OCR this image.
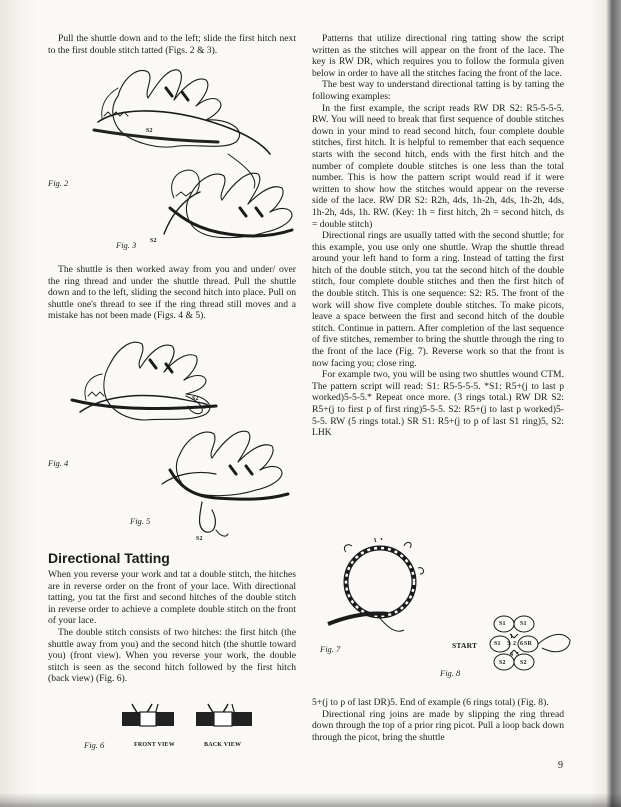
Pull the shuttle down and to the left; slide the first hitch next to the first double stitch tatted (Figs. 2 & 3).

S2
S2
Fig. 2
Fig. 3

The shuttle is then worked away from you and under/ over the ring thread and under the shuttle thread. Pull the shuttle down and to the left, sliding the second hitch into place. Pull on shuttle one's thread to see if the ring thread still moves and a mistake has not been made (Figs. 4 & 5).

S2
S2
Fig. 4
Fig. 5
Directional Tatting

When you reverse your work and tat a double stitch, the hitches are in reverse order on the front of your lace. With directional tatting, you tat the first and second hitches of the double stitch in reverse order to achieve a complete double stitch on the front of your lace.

The double stitch consists of two hitches: the first hitch (the shuttle away from you) and the second hitch (the shuttle toward you) (front view). When you reverse your work, the double stitch is seen as the second hitch followed by the first hitch (back view) (Fig. 6).

Fig. 6	FRONT VIEW	BACK VIEW

Patterns that utilize directional ring tatting show the script written as the stitches will appear on the front of the lace. The key is RW DR, which requires you to follow the formula given below in order to have all the stitches facing the front of the lace.

The best way to understand directional tatting is by tatting the following examples:

In the first example, the script reads RW DR S2: R5-5-5-5. RW. You will need to break that first sequence of double stitches down in your mind to read second hitch, four complete double stitches, first hitch. It is helpful to remember that each sequence starts with the second hitch, ends with the first hitch and the number of complete double stitches is one less than the total number. This is how the pattern script would read if it were written to show how the stitches would appear on the reverse side of the lace. RW DR S2: R2h, 4ds, 1h-2h, 4ds, 1h-2h, 4ds, 1h-2h, 4ds, 1h. RW. (Key: 1h = first hitch, 2h = second hitch, ds = double stitch)

Directional rings are usually tatted with the second shuttle; for this example, you use only one shuttle. Wrap the shuttle thread around your left hand to form a ring. Instead of tatting the first hitch of the double stitch, you tat the second hitch of the double stitch, four complete double stitches and then the first hitch of the double stitch. This is one sequence: S2: R5. The front of the work will show five complete double stitches. To make picots, leave a space between the first and second hitch of the double stitch. Continue in pattern. After completion of the last sequence of five stitches, remember to bring the shuttle through the ring to the front of the lace (Fig. 7). Reverse work so that the front is now facing you; close ring.

For example two, you will be using two shuttles wound CTM. The pattern script will read: S1: R5-5-5-5. *S1: R5+(j to last p worked)5-5-5.* Repeat once more. (3 rings total.) RW DR S2: R5+(j to first p of first ring)5-5-5. S2: R5+(j to last p worked)5-5-5. RW (5 rings total.) SR S1: R5+(j to p of last S1 ring)5, S2: LHK

Fig. 7
S1 S1
S1	SR
S2 S2
1
2
3
4 5
6
START
Fig. 8

5+(j to p of last DR)5. End of example (6 rings total) (Fig. 8).

Directional ring joins are made by slipping the ring thread down through the top of a prior ring picot. Pull a loop back down through the picot, bring the shuttle

9
